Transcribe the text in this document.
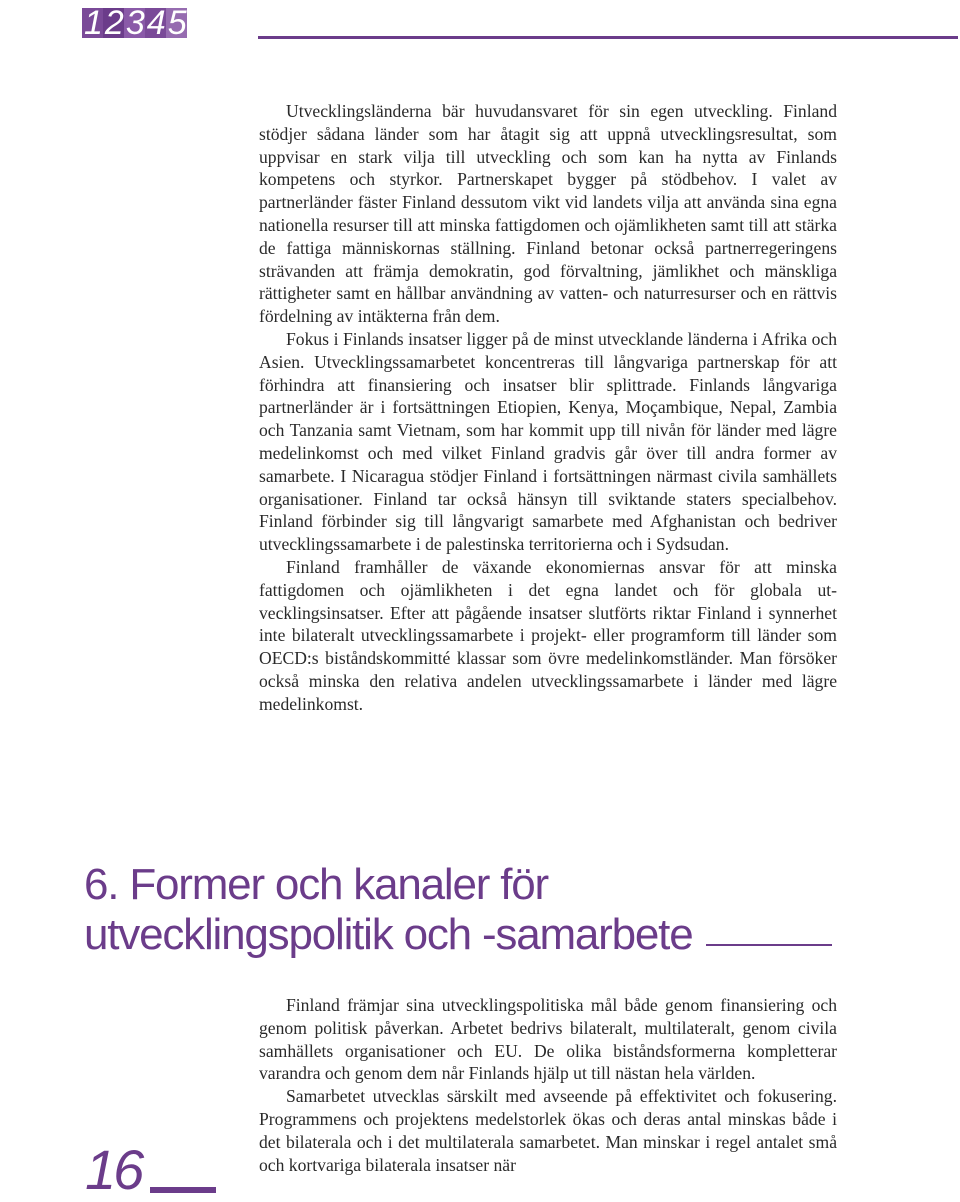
1 2 3 4 5

Utvecklingsländerna bär huvudansvaret för sin egen utveckling. Finland stödjer sådana länder som har åtagit sig att uppnå utvecklingsresultat, som uppvisar en stark vilja till utveckling och som kan ha nytta av Finlands kompetens och styrkor. Partnerskapet bygger på stödbehov. I valet av partnerländer fäster Finland dessutom vikt vid landets vilja att använda sina egna nationella resurser till att minska fattigdomen och ojämlikheten samt till att stärka de fattiga människornas ställning. Finland betonar också partnerregeringens strävanden att främja demokratin, god förvaltning, jämlikhet och mänskliga rättigheter samt en hållbar användning av vatten- och naturresurser och en rättvis fördelning av intäkterna från dem.

Fokus i Finlands insatser ligger på de minst utvecklande länderna i Afrika och Asien. Utvecklingssamarbetet koncentreras till långvariga partnerskap för att förhindra att finansiering och insatser blir splittrade. Finlands långvariga partnerländer är i fortsättningen Etiopien, Kenya, Moçambique, Nepal, Zambia och Tanzania samt Vietnam, som har kommit upp till nivån för länder med lägre medelinkomst och med vilket Finland gradvis går över till andra former av samarbete. I Nicaragua stödjer Finland i fortsättningen närmast civila samhällets organisationer. Finland tar också hänsyn till sviktande staters specialbehov. Finland förbinder sig till långvarigt samarbete med Afghanistan och bedriver utvecklingssamarbete i de palestinska territorierna och i Sydsudan.

Finland framhåller de växande ekonomiernas ansvar för att minska fattigdomen och ojämlikheten i det egna landet och för globala utvecklingsinsatser. Efter att pågående insatser slutförts riktar Finland i synnerhet inte bilateralt utvecklingssamarbete i projekt- eller programform till länder som OECD:s biståndskommitté klassar som övre medelinkomstländer. Man försöker också minska den relativa andelen utvecklingssamarbete i länder med lägre medelinkomst.

6. Former och kanaler för
utvecklingspolitik och -samarbete

Finland främjar sina utvecklingspolitiska mål både genom finansiering och genom politisk påverkan. Arbetet bedrivs bilateralt, multilateralt, genom civila samhällets organisationer och EU. De olika biståndsformerna kompletterar varandra och genom dem når Finlands hjälp ut till nästan hela världen.

Samarbetet utvecklas särskilt med avseende på effektivitet och fokusering. Programmens och projektens medelstorlek ökas och deras antal minskas både i det bilaterala och i det multilaterala samarbetet. Man minskar i regel antalet små och kortvariga bilaterala insatser när

16
